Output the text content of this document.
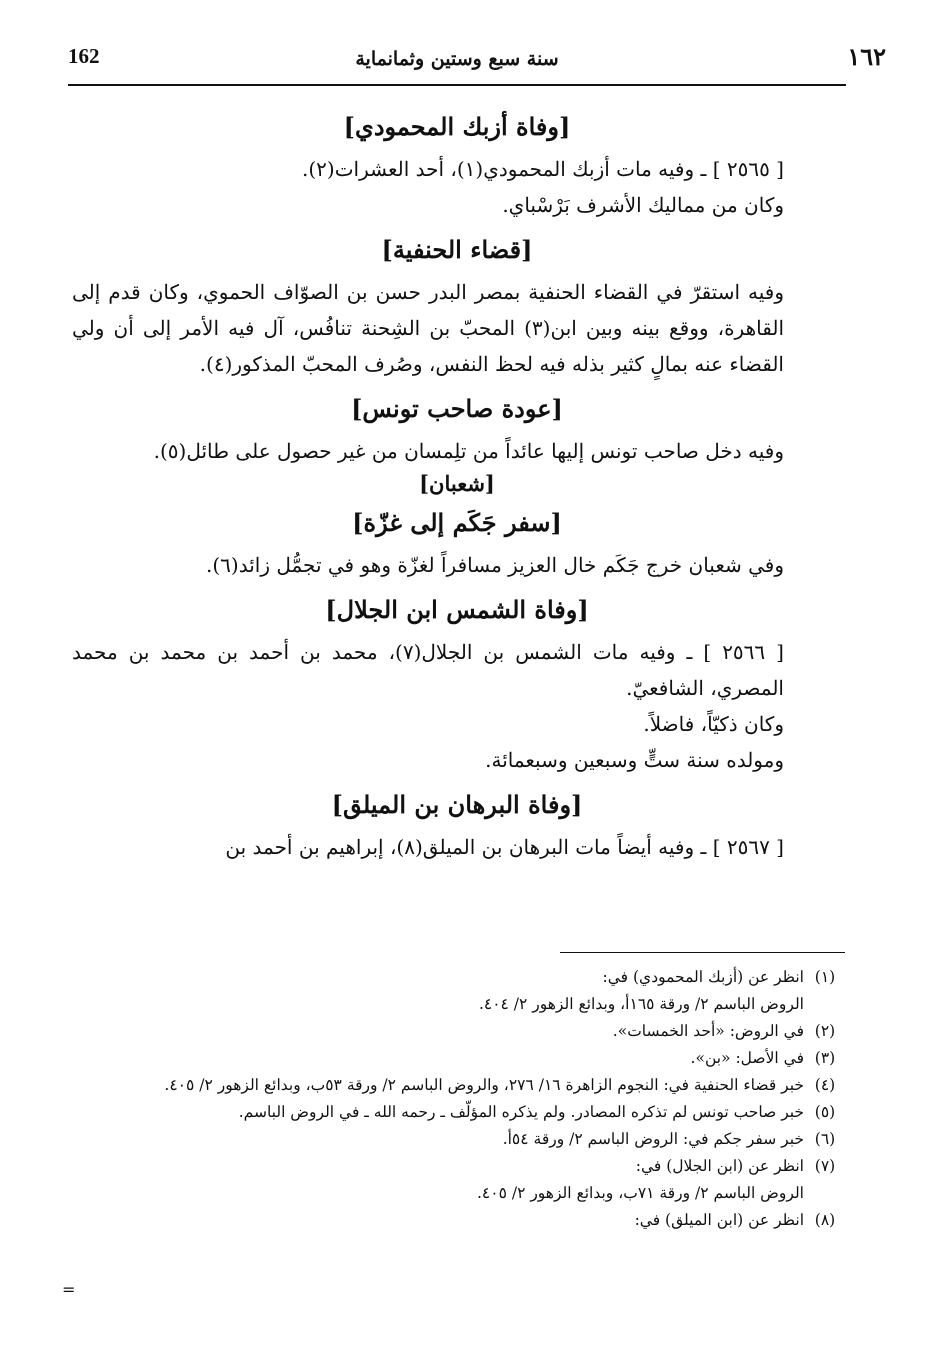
162	سنة سبع وستين وثمانماية	١٦٢
[وفاة أزبك المحمودي]

[ ٢٥٦٥ ] ـ وفيه مات أزبك المحمودي(١)، أحد العشرات(٢).

وكان من مماليك الأشرف بَرْسْباي.

[قضاء الحنفية]

وفيه استقرّ في القضاء الحنفية بمصر البدر حسن بن الصوّاف الحموي، وكان قدم إلى القاهرة، ووقع بينه وبين ابن(٣) المحبّ بن الشِحنة تنافُس، آل فيه الأمر إلى أن ولي القضاء عنه بمالٍ كثير بذله فيه لحظ النفس، وصُرف المحبّ المذكور(٤).

[عودة صاحب تونس]

وفيه دخل صاحب تونس إليها عائداً من تلِمسان من غير حصول على طائل(٥).

[شعبان]
[سفر جَكَم إلى غزّة]

وفي شعبان خرج جَكَم خال العزيز مسافراً لغزّة وهو في تجمُّل زائد(٦).

[وفاة الشمس ابن الجلال]

[ ٢٥٦٦ ] ـ وفيه مات الشمس بن الجلال(٧)، محمد بن أحمد بن محمد بن محمد المصري، الشافعيّ.

وكان ذكيّاً، فاضلاً.

ومولده سنة ستٍّ وسبعين وسبعمائة.

[وفاة البرهان بن الميلق]

[ ٢٥٦٧ ] ـ وفيه أيضاً مات البرهان بن الميلق(٨)، إبراهيم بن أحمد بن

(١)انظر عن (أزبك المحمودي) في:
الروض الباسم ٢/ ورقة ١٦٥أ، وبدائع الزهور ٢/ ٤٠٤.
(٢)في الروض: «أحد الخمسات».
(٣)في الأصل: «بن».
(٤)
خبر قضاء الحنفية في: النجوم الزاهرة ١٦/ ٢٧٦، والروض الباسم ٢/ ورقة ٥٣ب، وبدائع الزهور ٢/ ٤٠٥.
(٥)خبر صاحب تونس لم تذكره المصادر. ولم يذكره المؤلّف ـ رحمه الله ـ في الروض الباسم.
(٦)خبر سفر جكم في: الروض الباسم ٢/ ورقة ٥٤أ.
(٧)انظر عن (ابن الجلال) في:
الروض الباسم ٢/ ورقة ٧١ب، وبدائع الزهور ٢/ ٤٠٥.
(٨)انظر عن (ابن الميلق) في:
=
